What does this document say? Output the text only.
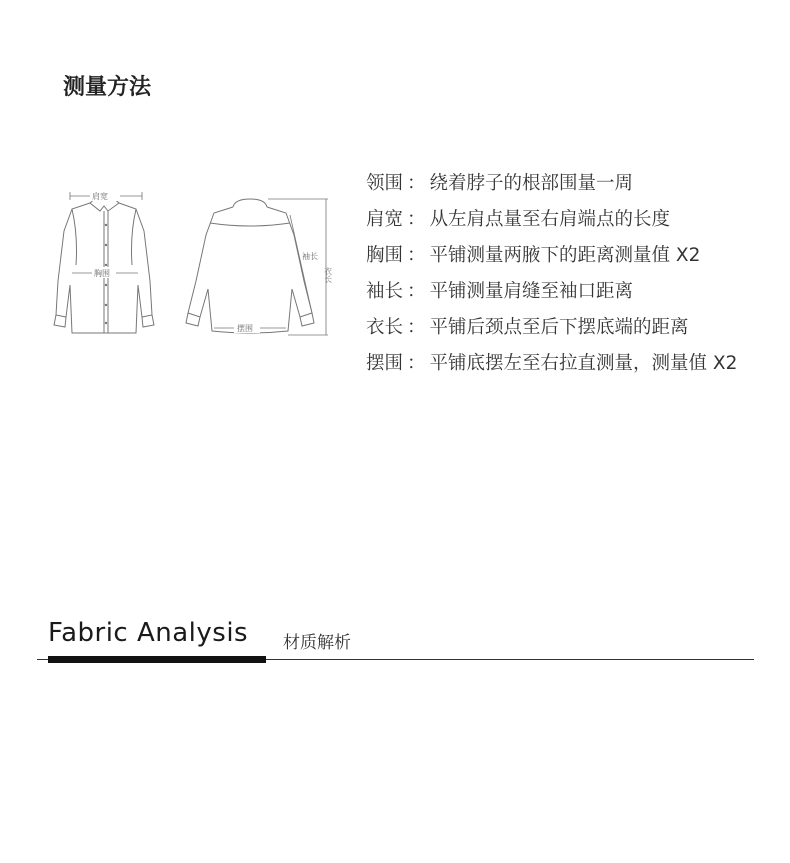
测量方法
肩宽
胸围
摆围
袖长
衣长
领围 ： 绕着脖子的根部围量一周
肩宽 ： 从左肩点量至右肩端点的长度
胸围 ： 平铺测量两腋下的距离测量值 X2
袖长 ： 平铺测量肩缝至袖口距离
衣长 ： 平铺后颈点至后下摆底端的距离
摆围 ： 平铺底摆左至右拉直测量，测量值 X2
Fabric Analysis 材质解析
